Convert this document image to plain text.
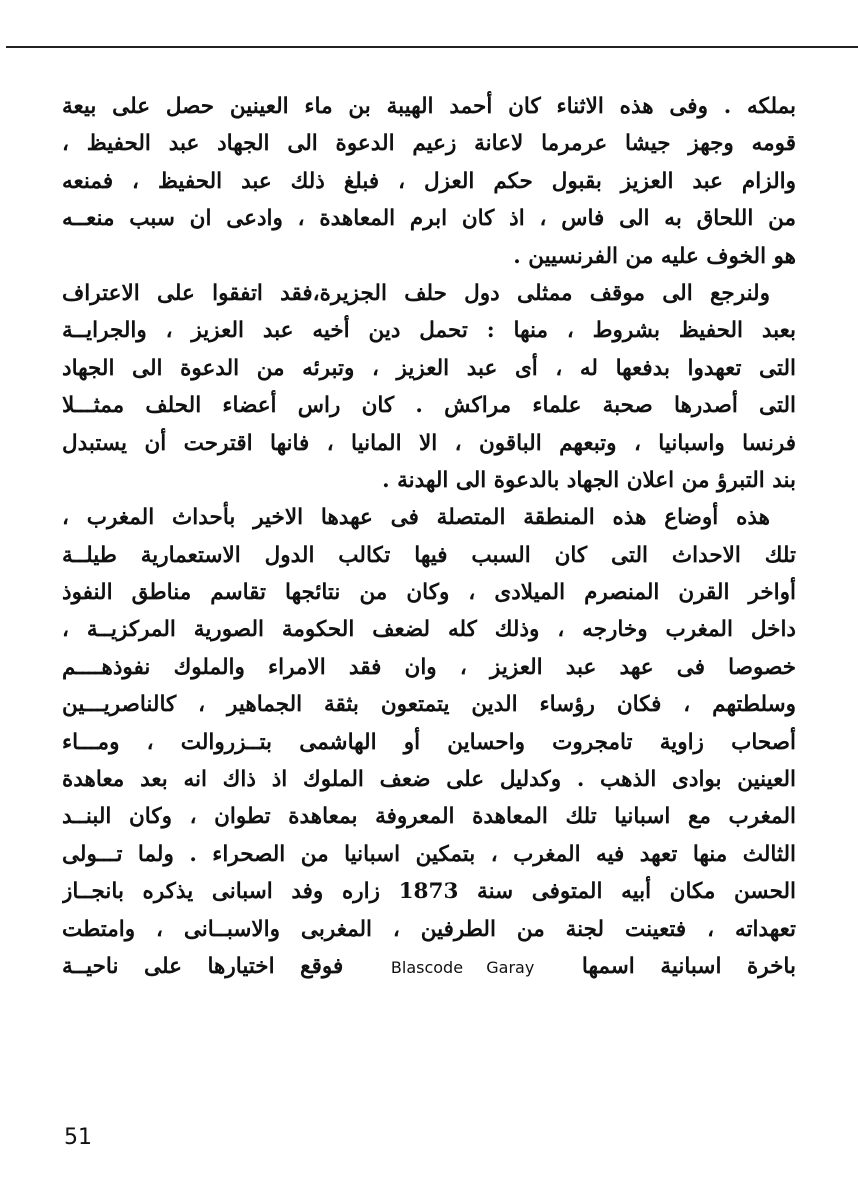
بملكه . وفى هذه الاثناء كان أحمد الهيبة بن ماء العينين حصل على بيعة
قومه وجهز جيشا عرمرما لاعانة زعيم الدعوة الى الجهاد عبد الحفيظ ،
والزام عبد العزيز بقبول حكم العزل ، فبلغ ذلك عبد الحفيظ ، فمنعه
من اللحاق به الى فاس ، اذ كان ابرم المعاهدة ، وادعى ان سبب منعــه
هو الخوف عليه من الفرنسيين .
ولنرجع الى موقف ممثلى دول حلف الجزيرة،فقد اتفقوا على الاعتراف
بعبد الحفيظ بشروط ، منها : تحمل دين أخيه عبد العزيز ، والجرايــة
التى تعهدوا بدفعها له ، أى عبد العزيز ، وتبرئه من الدعوة الى الجهاد
التى أصدرها صحبة علماء مراكش . كان راس أعضاء الحلف ممثـــلا
فرنسا واسبانيا ، وتبعهم الباقون ، الا المانيا ، فانها اقترحت أن يستبدل
بند التبرؤ من اعلان الجهاد بالدعوة الى الهدنة .
هذه أوضاع هذه المنطقة المتصلة فى عهدها الاخير بأحداث المغرب ،
تلك الاحداث التى كان السبب فيها تكالب الدول الاستعمارية طيلــة
أواخر القرن المنصرم الميلادى ، وكان من نتائجها تقاسم مناطق النفوذ
داخل المغرب وخارجه ، وذلك كله لضعف الحكومة الصورية المركزيــة ،
خصوصا فى عهد عبد العزيز ، وان فقد الامراء والملوك نفوذهــــم
وسلطتهم ، فكان رؤساء الدين يتمتعون بثقة الجماهير ، كالناصريـــين
أصحاب زاوية تامجروت واحساين أو الهاشمى بتــزروالت ، ومـــاء
العينين بوادى الذهب . وكدليل على ضعف الملوك اذ ذاك انه بعد معاهدة
المغرب مع اسبانيا تلك المعاهدة المعروفة بمعاهدة تطوان ، وكان البنــد
الثالث منها تعهد فيه المغرب ، بتمكين اسبانيا من الصحراء . ولما تـــولى
الحسن مكان أبيه المتوفى سنة 1873 زاره وفد اسبانى يذكره بانجــاز
تعهداته ، فتعينت لجنة من الطرفين ، المغربى والاسبــانى ، وامتطت
باخرة اسبانية اسمها Blascode Garay فوقع اختيارها على ناحيــة
51
